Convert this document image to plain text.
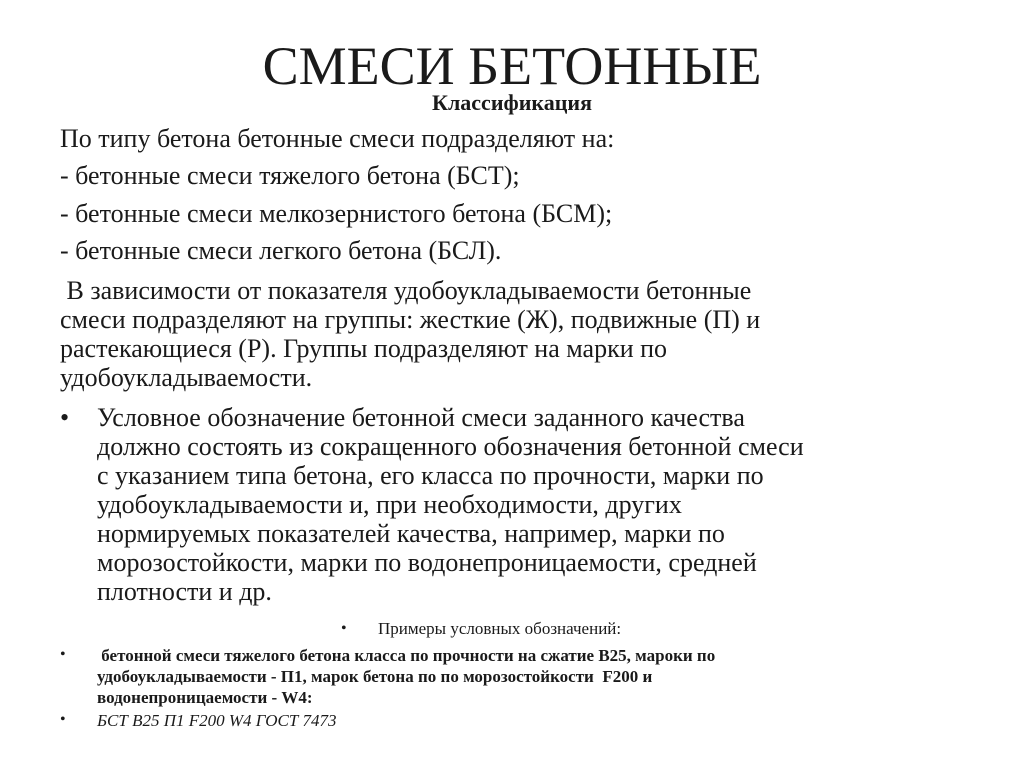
СМЕСИ БЕТОННЫЕ
Классификация
По типу бетона бетонные смеси подразделяют на:
- бетонные смеси тяжелого бетона (БСТ);
- бетонные смеси мелкозернистого бетона (БСМ);
- бетонные смеси легкого бетона (БСЛ).
В зависимости от показателя удобоукладываемости бетонные
смеси подразделяют на группы: жесткие (Ж), подвижные (П) и
растекающиеся (Р). Группы подразделяют на марки по
удобоукладываемости.
• Условное обозначение бетонной смеси заданного качества
должно состоять из сокращенного обозначения бетонной смеси
с указанием типа бетона, его класса по прочности, марки по
удобоукладываемости и, при необходимости, других
нормируемых показателей качества, например, марки по
морозостойкости, марки по водонепроницаемости, средней
плотности и др.
• Примеры условных обозначений:
• бетонной смеси тяжелого бетона класса по прочности на сжатие В25, мароки по
удобоукладываемости - П1, марок бетона по по морозостойкости  F200 и
водонепроницаемости - W4:
• БСТ В25 П1 F200 W4 ГОСТ 7473
